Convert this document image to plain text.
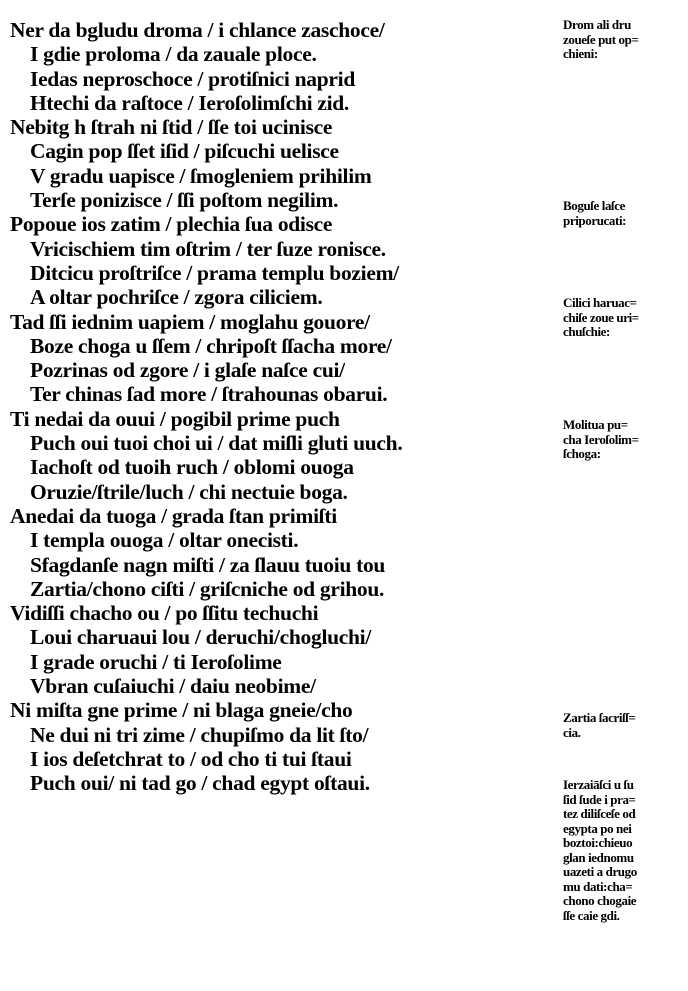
Ner da bgludu droma / i chlance zaschoce/
I gdie proloma / da zauale ploce.
Iedas neproschoce / protiſnici naprid
Htechi da raſtoce / Ieroſolimſchi zid.
Nebitg h ſtrah ni ſtid / ſſe toi ucinisce
Cagin pop ſſet iſid / piſcuchi uelisce
V gradu uapisce / ſmogleniem prihilim
Terſe ponizisce / ſſi poſtom negilim.
Popoue ios zatim / plechia ſua odisce
Vricischiem tim oſtrim / ter ſuze ronisce.
Ditcicu proſtriſce / prama templu boziem/
A oltar pochriſce / zgora ciliciem.
Tad ſſi iednim uapiem / moglahu gouore/
Boze choga u ſſem / chripoſt ſſacha more/
Pozrinas od zgore / i glaſe naſce cui/
Ter chinas ſad more / ſtrahounas obarui.
Ti nedai da ouui / pogibil prime puch
Puch oui tuoi choi ui / dat miſli gluti uuch.
Iachoſt od tuoih ruch / oblomi ouoga
Oruzie/ſtrile/luch / chi nectuie boga.
Anedai da tuoga / grada ſtan primiſti
I templa ouoga / oltar onecisti.
Sfagdanſe nagn miſti / za ſlauu tuoiu tou
Zartia/chono ciſti / griſcniche od grihou.
Vidiſſi chacho ou / po ſſitu techuchi
Loui charuaui lou / deruchi/chogluchi/
I grade oruchi / ti Ieroſolime
Vbran cuſaiuchi / daiu neobime/
Ni miſta gne prime / ni blaga gneie/cho
Ne dui ni tri zime / chupiſmo da lit ſto/
I ios deſetchrat to / od cho ti tui ſtaui
Puch oui/ ni tad go / chad egypt oſtaui.
Drom ali dru
zoueſe put op=
chieni:
Boguſe laſce
priporucati:
Cilici haruac=
chiſe zoue uri=
chuſchie:
Molitua pu=
cha Ieroſolim=
ſchoga:
Zartia ſacriſſ=
cia.
Ierzaiāſci u ſu
ſid ſude i pra=
tez diliſceſe od
egypta po nei
boztoi:chieuo
glan iednomu
uazeti a drugo
mu dati:cha=
chono chogaie
ſſe caie gdi.
